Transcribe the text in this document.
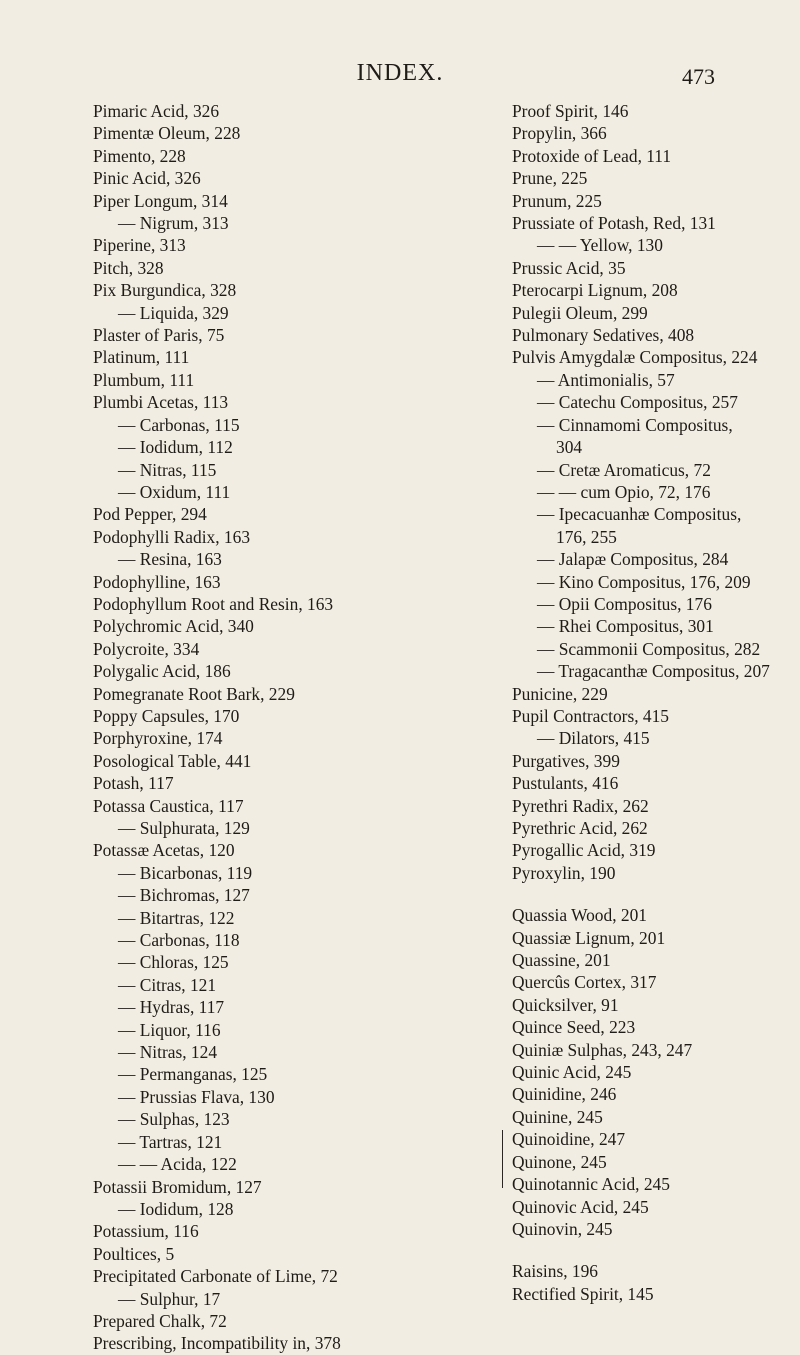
INDEX.	473
Pimaric Acid, 326
Pimentæ Oleum, 228
Pimento, 228
Pinic Acid, 326
Piper Longum, 314
— Nigrum, 313
Piperine, 313
Pitch, 328
Pix Burgundica, 328
— Liquida, 329
Plaster of Paris, 75
Platinum, 111
Plumbum, 111
Plumbi Acetas, 113
— Carbonas, 115
— Iodidum, 112
— Nitras, 115
— Oxidum, 111
Pod Pepper, 294
Podophylli Radix, 163
— Resina, 163
Podophylline, 163
Podophyllum Root and Resin, 163
Polychromic Acid, 340
Polycroite, 334
Polygalic Acid, 186
Pomegranate Root Bark, 229
Poppy Capsules, 170
Porphyroxine, 174
Posological Table, 441
Potash, 117
Potassa Caustica, 117
— Sulphurata, 129
Potassæ Acetas, 120
— Bicarbonas, 119
— Bichromas, 127
— Bitartras, 122
— Carbonas, 118
— Chloras, 125
— Citras, 121
— Hydras, 117
— Liquor, 116
— Nitras, 124
— Permanganas, 125
— Prussias Flava, 130
— Sulphas, 123
— Tartras, 121
— — Acida, 122
Potassii Bromidum, 127
— Iodidum, 128
Potassium, 116
Poultices, 5
Precipitated Carbonate of Lime, 72
— Sulphur, 17
Prepared Chalk, 72
Prescribing, Incompatibility in, 378
Proof Spirit, 146
Propylin, 366
Protoxide of Lead, 111
Prune, 225
Prunum, 225
Prussiate of Potash, Red, 131
— — Yellow, 130
Prussic Acid, 35
Pterocarpi Lignum, 208
Pulegii Oleum, 299
Pulmonary Sedatives, 408
Pulvis Amygdalæ Compositus, 224
— Antimonialis, 57
— Catechu Compositus, 257
— Cinnamomi Compositus,
304
— Cretæ Aromaticus, 72
— — cum Opio, 72, 176
— Ipecacuanhæ Compositus,
176, 255
— Jalapæ Compositus, 284
— Kino Compositus, 176, 209
— Opii Compositus, 176
— Rhei Compositus, 301
— Scammonii Compositus, 282
— Tragacanthæ Compositus, 207
Punicine, 229
Pupil Contractors, 415
— Dilators, 415
Purgatives, 399
Pustulants, 416
Pyrethri Radix, 262
Pyrethric Acid, 262
Pyrogallic Acid, 319
Pyroxylin, 190
Quassia Wood, 201
Quassiæ Lignum, 201
Quassine, 201
Quercûs Cortex, 317
Quicksilver, 91
Quince Seed, 223
Quiniæ Sulphas, 243, 247
Quinic Acid, 245
Quinidine, 246
Quinine, 245
Quinoidine, 247
Quinone, 245
Quinotannic Acid, 245
Quinovic Acid, 245
Quinovin, 245
Raisins, 196
Rectified Spirit, 145
